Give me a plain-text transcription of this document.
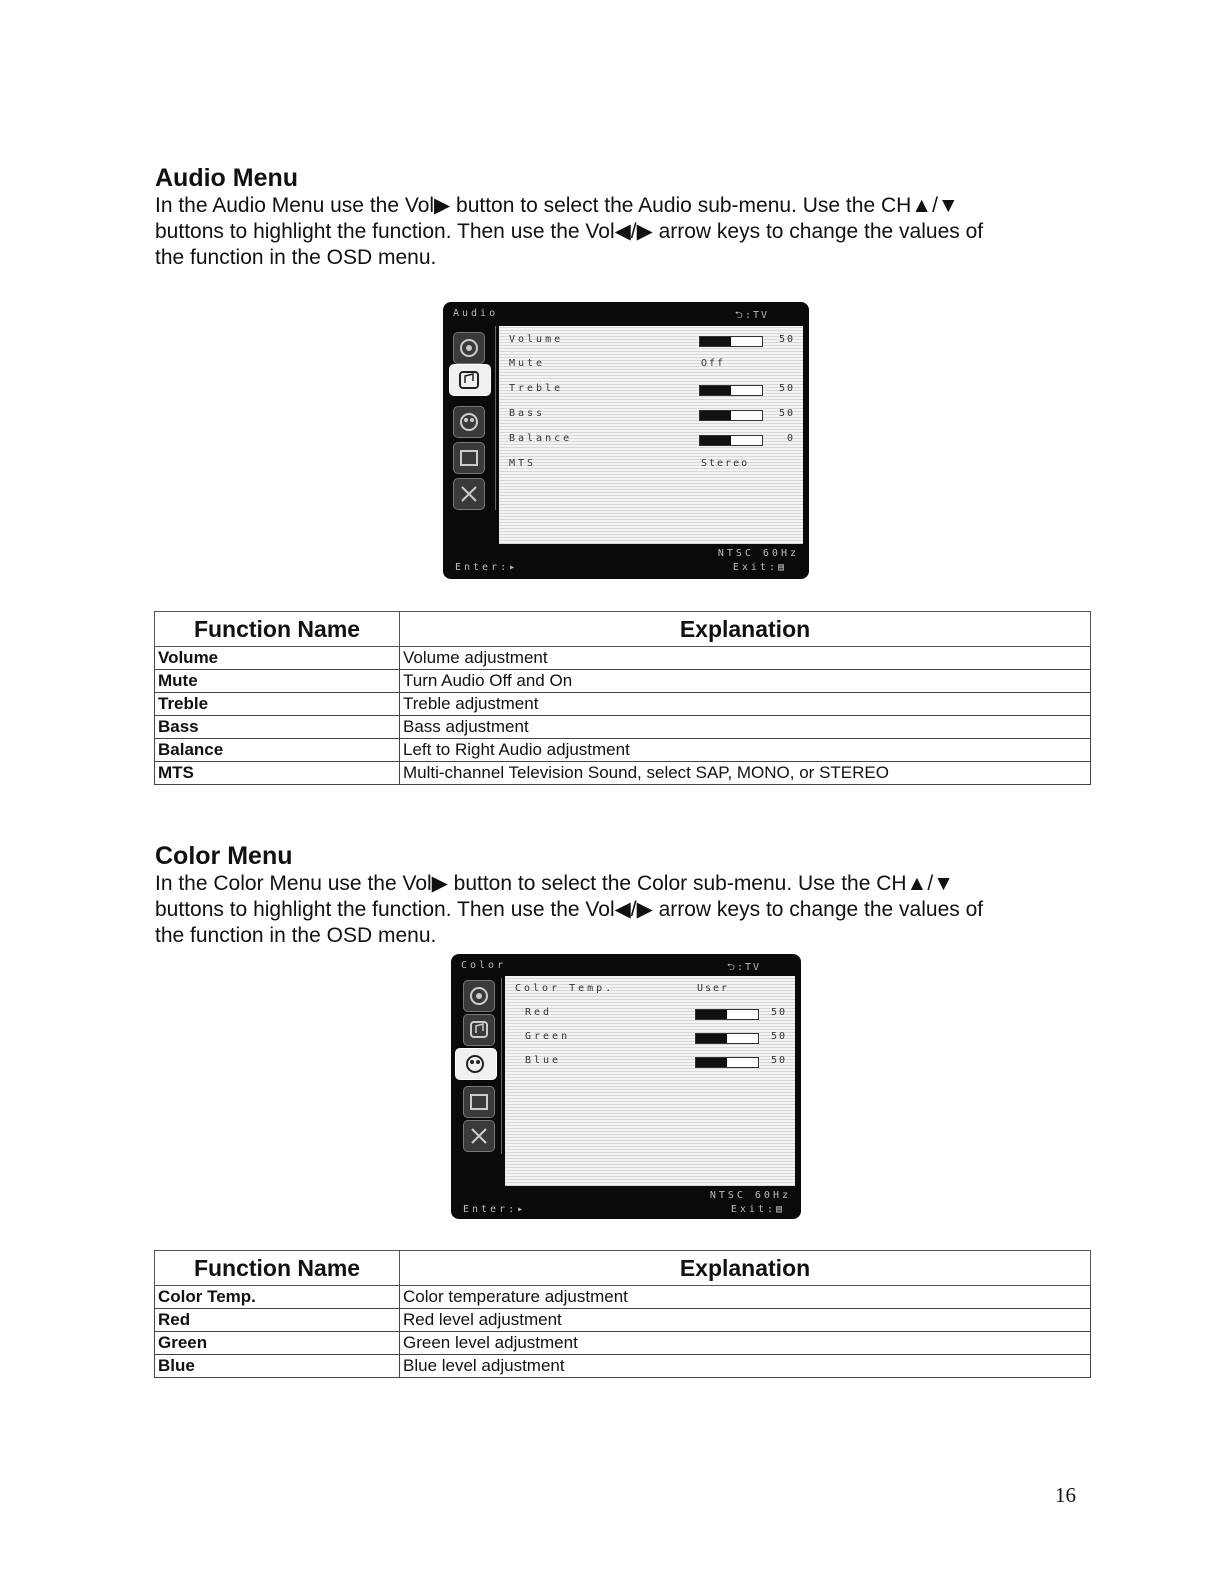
Audio Menu

In the Audio Menu use the Vol▶ button to select the Audio sub-menu. Use the CH▲/▼

buttons to highlight the function. Then use the Vol◀/▶ arrow keys to change the values of

the function in the OSD menu.

Audio	⮌:TV
Volume	50
Mute	Off
Treble	50
Bass	50
Balance	0
MTS	Stereo
NTSC 60Hz
Enter:▸	Exit:▤
Function Name	Explanation
Volume	Volume adjustment
Mute	Turn Audio Off and On
Treble	Treble adjustment
Bass	Bass adjustment
Balance	Left to Right Audio adjustment
MTS	Multi-channel Television Sound, select SAP, MONO, or STEREO
Color Menu

In the Color Menu use the Vol▶ button to select the Color sub-menu. Use the CH▲/▼

buttons to highlight the function. Then use the Vol◀/▶ arrow keys to change the values of

the function in the OSD menu.

Color	⮌:TV
Color Temp.	User
Red	50
Green	50
Blue	50
NTSC 60Hz
Enter:▸	Exit:▤
Function Name	Explanation
Color Temp.	Color temperature adjustment
Red	Red level adjustment
Green	Green level adjustment
Blue	Blue level adjustment
16
